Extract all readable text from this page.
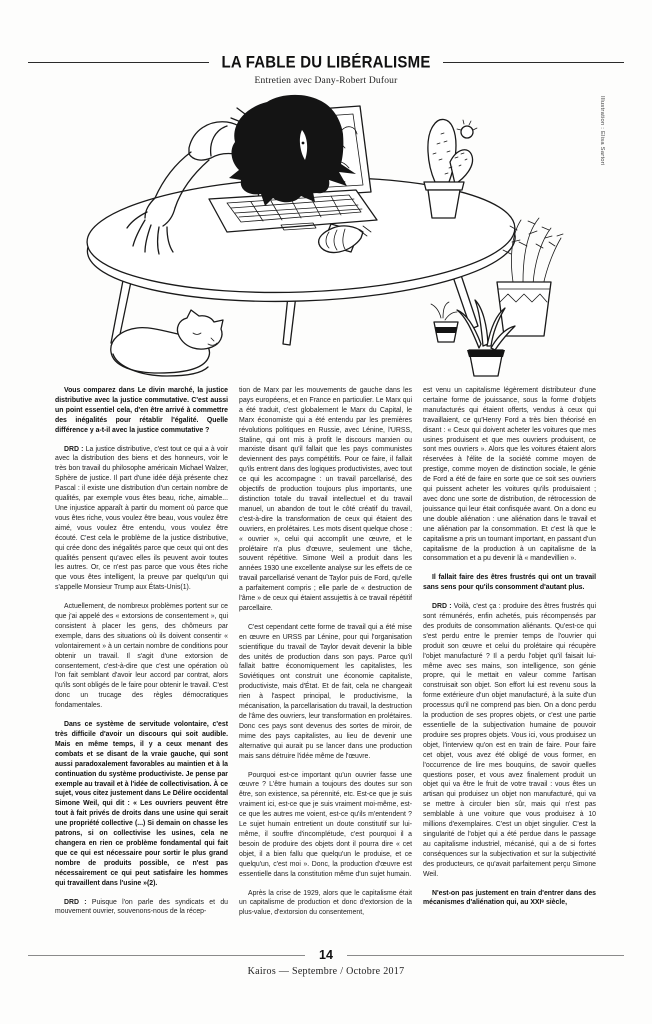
LA FABLE DU LIBÉRALISME
Entretien avec Dany-Robert Dufour
Illustration : Elisa Sartori

Vous comparez dans Le divin marché, la justice distributive avec la justice commutative. C'est aussi un point essentiel cela, d'en être arrivé à commettre des inégalités pour rétablir l'égalité. Quelle différence y a-t-il avec la justice commutative ?

DRD : La justice distributive, c'est tout ce qui a à voir avec la distribution des biens et des honneurs, voir le très bon travail du philosophe américain Michael Walzer, Sphère de justice. Il part d'une idée déjà présente chez Pascal : il existe une distribution d'un certain nombre de qualités, par exemple vous êtes beau, riche, aimable... Une injustice apparaît à partir du moment où parce que vous êtes riche, vous voulez être beau, vous voulez être aimé, vous voulez être entendu, vous voulez être écouté. C'est cela le problème de la justice distributive, qui crée donc des inégalités parce que ceux qui ont des qualités pensent qu'avec elles ils peuvent avoir toutes les autres. Or, ce n'est pas parce que vous êtes riche que vous êtes intelligent, la preuve par quelqu'un qui s'appelle Monsieur Trump aux États-Unis(1).

Actuellement, de nombreux problèmes portent sur ce que j'ai appelé des « extorsions de consentement », qui consistent à placer les gens, des chômeurs par exemple, dans des situations où ils doivent consentir « volontairement » à un certain nombre de conditions pour obtenir un travail. Il s'agit d'une extorsion de consentement, c'est-à-dire que c'est une opération où l'on fait semblant d'avoir leur accord par contrat, alors qu'ils sont obligés de le faire pour obtenir le travail. C'est donc un trucage des règles démocratiques fondamentales.

Dans ce système de servitude volontaire, c'est très difficile d'avoir un discours qui soit audible. Mais en même temps, il y a ceux menant des combats et se disant de la vraie gauche, qui sont aussi paradoxalement favorables au maintien et à la continuation du système productiviste. Je pense par exemple au travail et à l'idée de collectivisation. À ce sujet, vous citez justement dans Le Délire occidental Simone Weil, qui dit : « Les ouvriers peuvent être tout à fait privés de droits dans une usine qui serait une propriété collective (...) Si demain on chasse les patrons, si on collectivise les usines, cela ne changera en rien ce problème fondamental qui fait que ce qui est nécessaire pour sortir le plus grand nombre de produits possible, ce n'est pas nécessairement ce qui peut satisfaire les hommes qui travaillent dans l'usine »(2).

DRD : Puisque l'on parle des syndicats et du mouvement ouvrier, souvenons-nous de la récep-

tion de Marx par les mouvements de gauche dans les pays européens, et en France en particulier. Le Marx qui a été traduit, c'est globalement le Marx du Capital, le Marx économiste qui a été entendu par les premières révolutions politiques en Russie, avec Lénine, l'URSS, Staline, qui ont mis à profit le discours marxien ou marxiste disant qu'il fallait que les pays communistes deviennent des pays compétitifs. Pour ce faire, il fallait qu'ils entrent dans des logiques productivistes, avec tout ce qui les accompagne : un travail parcellarisé, des objectifs de production toujours plus importants, une distinction totale du travail intellectuel et du travail manuel, un abandon de tout le côté créatif du travail, c'est-à-dire la transformation de ceux qui étaient des ouvriers, en prolétaires. Les mots disent quelque chose : « ouvrier », celui qui accomplit une œuvre, et le prolétaire n'a plus d'œuvre, seulement une tâche, souvent répétitive. Simone Weil a produit dans les années 1930 une excellente analyse sur les effets de ce travail parcellarisé venant de Taylor puis de Ford, qu'elle a parfaitement compris ; elle parle de « destruction de l'âme » de ceux qui étaient assujettis à ce travail répétitif parcellaire.

C'est cependant cette forme de travail qui a été mise en œuvre en URSS par Lénine, pour qui l'organisation scientifique du travail de Taylor devait devenir la bible des unités de production dans son pays. Parce qu'il fallait battre économiquement les capitalistes, les Soviétiques ont construit une économie capitaliste, productiviste, mais d'État. Et de fait, cela ne changeait rien à l'aspect principal, le productivisme, la mécanisation, la parcellarisation du travail, la destruction de l'âme des ouvriers, leur transformation en prolétaires. Donc ces pays sont devenus des sortes de miroir, de mime des pays capitalistes, au lieu de devenir une alternative qui aurait pu se lancer dans une production mais sans détruire l'idée même de l'œuvre.

Pourquoi est-ce important qu'un ouvrier fasse une œuvre ? L'être humain a toujours des doutes sur son être, son existence, sa pérennité, etc. Est-ce que je suis vraiment ici, est-ce que je suis vraiment moi-même, est-ce que les autres me voient, est-ce qu'ils m'entendent ? Le sujet humain entretient un doute constitutif sur lui-même, il souffre d'incomplétude, c'est pourquoi il a besoin de produire des objets dont il pourra dire « cet objet, il a bien fallu que quelqu'un le produise, et ce quelqu'un, c'est moi ». Donc, la production d'œuvre est essentielle dans la constitution même d'un sujet humain.

Après la crise de 1929, alors que le capitalisme était un capitalisme de production et donc d'extorsion de la plus-value, d'extorsion du consentement,

est venu un capitalisme légèrement distributeur d'une certaine forme de jouissance, sous la forme d'objets manufacturés qui étaient offerts, vendus à ceux qui travaillaient, ce qu'Henry Ford a très bien théorisé en disant : « Ceux qui doivent acheter les voitures que mes usines produisent et que mes ouvriers produisent, ce sont mes ouvriers ». Alors que les voitures étaient alors réservées à l'élite de la société comme moyen de prestige, comme moyen de distinction sociale, le génie de Ford a été de faire en sorte que ce soit ses ouvriers qui puissent acheter les voitures qu'ils produisaient ; avec donc une sorte de distribution, de rétrocession de jouissance qui leur était confisquée avant. On a donc eu une double aliénation : une aliénation dans le travail et une aliénation par la consommation. Et c'est là que le capitalisme a pris un tournant important, en passant d'un capitalisme de la production à un capitalisme de la consommation et a pu devenir là « mandevillien ».

Il fallait faire des êtres frustrés qui ont un travail sans sens pour qu'ils consomment d'autant plus.

DRD : Voilà, c'est ça : produire des êtres frustrés qui sont rémunérés, enfin achetés, puis récompensés par des produits de consommation aliénants. Qu'est-ce qui s'est perdu entre le premier temps de l'ouvrier qui produit son œuvre et celui du prolétaire qui récupère l'objet manufacturé ? Il a perdu l'objet qu'il faisait lui-même avec ses mains, son intelligence, son génie propre, qui le mettait en valeur comme l'artisan construisait son objet. Son effort lui est revenu sous la forme extérieure d'un objet manufacturé, à la suite d'un processus qu'il ne comprend pas bien. On a donc perdu la production de ses propres objets, or c'est une partie essentielle de la subjectivation humaine de pouvoir produire ses propres objets. Vous ici, vous produisez un objet, l'interview qu'on est en train de faire. Pour faire cet objet, vous avez été obligé de vous former, en l'occurrence de lire mes bouquins, de savoir quelles questions poser, et vous avez finalement produit un objet qui va être le fruit de votre travail : vous êtes un artisan qui produisez un objet non manufacturé, qui va se mettre à circuler bien sûr, mais qui n'est pas semblable à une voiture que vous produisez à 10 millions d'exemplaires. C'est un objet singulier. C'est la singularité de l'objet qui a été perdue dans le passage au capitalisme industriel, mécanisé, qui a de si fortes conséquences sur la subjectivation et sur la subjectivité des producteurs, ce qu'avait parfaitement perçu Simone Weil.

N'est-on pas justement en train d'entrer dans des mécanismes d'aliénation qui, au XXIᵉ siècle,

14
Kairos — Septembre / Octobre 2017
